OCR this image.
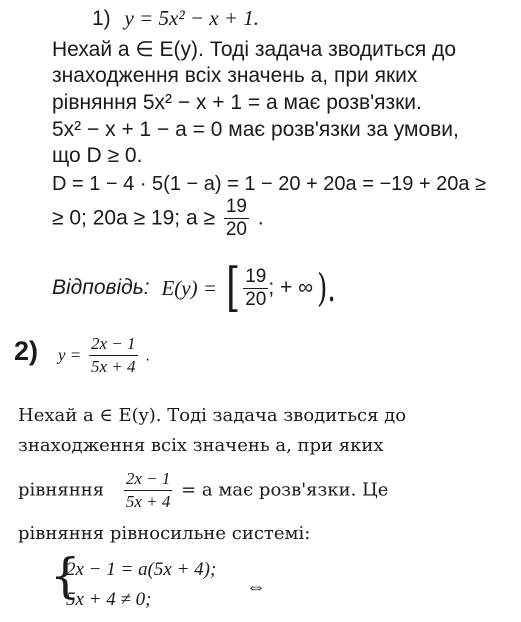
1) y = 5x² − x + 1.
Нехай a ∈ E(y). Тоді задача зводиться до
знаходження всіх значень a, при яких
рівняння 5x² − x + 1 = a має розв'язки.
5x² − x + 1 − a = 0 має розв'язки за умови,
що D ≥ 0.
D = 1 − 4 · 5(1 − a) = 1 − 20 + 20a = −19 + 20a ≥
≥ 0; 20a ≥ 19; $a \ge \frac{19}{20}$ .
Відповідь: E(y) = [ $\frac{19}{20}$ ; + ∞ ).
2) $y = \frac{2x - 1}{5x + 4}$ .
Нехай a ∈ E(y). Тоді задача зводиться до
знаходження всіх значень a, при яких
рівняння $\frac{2x - 1}{5x + 4} = a$ має розв'язки. Це
рівняння рівносильне системі:
{
2x − 1 = a(5x + 4);
5x + 4 ≠ 0;
⇔
